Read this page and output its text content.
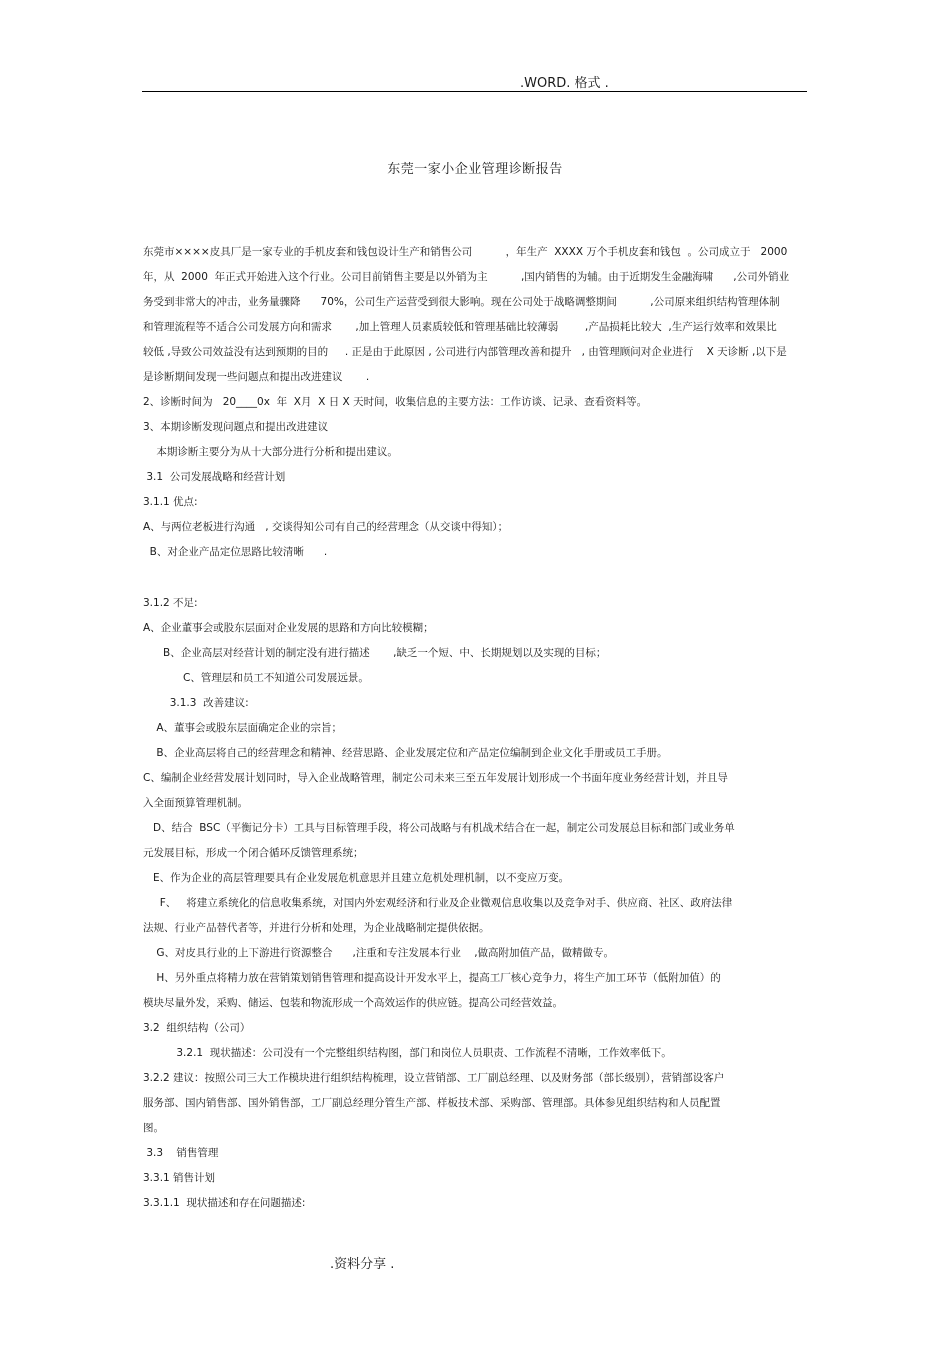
.WORD. 格式 .
东莞一家小企业管理诊断报告
东莞市××××皮具厂是一家专业的手机皮套和钱包设计生产和销售公司          ，年生产  XXXX 万个手机皮套和钱包  。公司成立于   2000
年，从  2000  年正式开始进入这个行业。公司目前销售主要是以外销为主          ,国内销售的为辅。由于近期发生金融海啸      ,公司外销业
务受到非常大的冲击，业务量骤降      70%，公司生产运营受到很大影响。现在公司处于战略调整期间          ,公司原来组织结构管理体制
和管理流程等不适合公司发展方向和需求       ,加上管理人员素质较低和管理基础比较薄弱        ,产品损耗比较大  ,生产运行效率和效果比
较低 ,导致公司效益没有达到预期的目的     . 正是由于此原因 , 公司进行内部管理改善和提升   , 由管理顾问对企业进行    X 天诊断 ,以下是
是诊断期间发现一些问题点和提出改进建议       .
2、诊断时间为   20____0x  年  X月  X 日 X 天时间，收集信息的主要方法：工作访谈、记录、查看资料等。
3、本期诊断发现问题点和提出改进建议
本期诊断主要分为从十大部分进行分析和提出建议。
3.1  公司发展战略和经营计划
3.1.1 优点:
A、与两位老板进行沟通   , 交谈得知公司有自己的经营理念（从交谈中得知）；
B、对企业产品定位思路比较清晰      .
3.1.2 不足:
A、企业董事会或股东层面对企业发展的思路和方向比较模糊；
B、企业高层对经营计划的制定没有进行描述       ,缺乏一个短、中、长期规划以及实现的目标；
C、管理层和员工不知道公司发展远景。
3.1.3  改善建议:
A、董事会或股东层面确定企业的宗旨；
B、企业高层将自己的经营理念和精神、经营思路、企业发展定位和产品定位编制到企业文化手册或员工手册。
C、编制企业经营发展计划同时，导入企业战略管理，制定公司未来三至五年发展计划形成一个书面年度业务经营计划，并且导
入全面预算管理机制。
D、结合  BSC（平衡记分卡）工具与目标管理手段，将公司战略与有机战术结合在一起，制定公司发展总目标和部门或业务单
元发展目标，形成一个闭合循环反馈管理系统；
E、作为企业的高层管理要具有企业发展危机意思并且建立危机处理机制，以不变应万变。
F、   将建立系统化的信息收集系统，对国内外宏观经济和行业及企业微观信息收集以及竞争对手、供应商、社区、政府法律
法规、行业产品替代者等，并进行分析和处理，为企业战略制定提供依据。
G、对皮具行业的上下游进行资源整合      ,注重和专注发展本行业    ,做高附加值产品，做精做专。
H、另外重点将精力放在营销策划销售管理和提高设计开发水平上，提高工厂核心竞争力，将生产加工环节（低附加值）的
模块尽量外发，采购、储运、包装和物流形成一个高效运作的供应链。提高公司经营效益。
3.2  组织结构（公司）
3.2.1  现状描述：公司没有一个完整组织结构图，部门和岗位人员职责、工作流程不清晰，工作效率低下。
3.2.2 建议：按照公司三大工作模块进行组织结构梳理，设立营销部、工厂副总经理、以及财务部（部长级别），营销部设客户
服务部、国内销售部、国外销售部，工厂副总经理分管生产部、样板技术部、采购部、管理部。具体参见组织结构和人员配置
图。
3.3    销售管理
3.3.1 销售计划
3.3.1.1  现状描述和存在问题描述:
.资料分享 .
